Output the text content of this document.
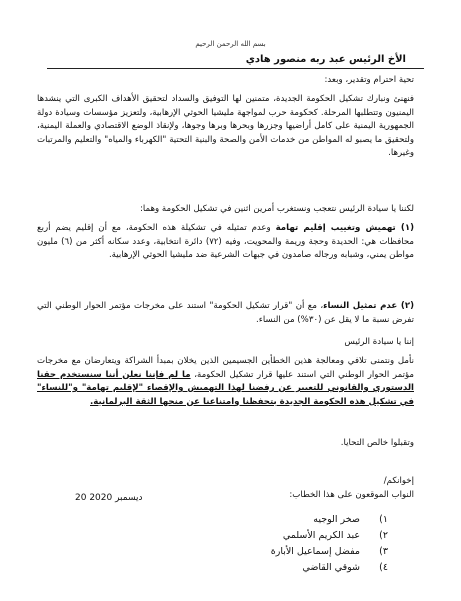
بسم الله الرحمن الرحيم
الأخ الرئيس عبد ربه منصور هادي

تحية احترام وتقدير، وبعد:

فنهنئ ونبارك تشكيل الحكومة الجديدة، متمنين لها التوفيق والسداد لتحقيق الأهداف الكبرى التي ينشدها اليمنيون وتتطلبها المرحلة. كحكومة حرب لمواجهة مليشيا الحوثي الإرهابية، ولتعزيز مؤسسات وسيادة دولة الجمهورية اليمنية على كامل أراضيها وجزرها وبحرها وبرها وجوها، ولإنقاذ الوضع الاقتصادي والعملة اليمنية، ولتحقيق ما يصبو له المواطن من خدمات الأمن والصحة والبنية التحتية "الكهرباء والمياه" والتعليم والمرتبات وغيرها.

لكننا يا سيادة الرئيس نتعجب ونستغرب أمرين اثنين في تشكيل الحكومة وهما:

(١) تهميش وتغييب إقليم تهامة وعدم تمثيله في تشكيلة هذه الحكومة، مع أن إقليم يضم أربع محافظات هي: الحديدة وحجة وريمة والمحويت، وفيه (٧٢) دائرة انتخابية، وعدد سكانه أكثر من (٦) مليون مواطن يمني، وشبابه ورجاله صامدون في جبهات الشرعية ضد مليشيا الحوثي الإرهابية.

(٢) عدم تمثيل النساء، مع أن "قرار تشكيل الحكومة" استند على مخرجات مؤتمر الحوار الوطني التي تفرض نسبة ما لا يقل عن (٣٠%) من النساء.

إننا يا سيادة الرئيس

نأمل ونتمنى تلافي ومعالجة هذين الخطأين الجسيمين الذين يخلان بمبدأ الشراكة ويتعارضان مع مخرجات مؤتمر الحوار الوطني التي استند عليها قرار تشكيل الحكومة، ما لم فإننا نعلن أننا سنستخدم حقنا الدستوري والقانوني للتعبير عن رفضنا لهذا التهميش والإقصاء "لإقليم تهامة" و"للنساء" في تشكيل هذه الحكومة الجديدة بتحفظنا وامتناعنا عن منحها الثقة البرلمانية.

وتقبلوا خالص التحايا.

إخوانكم/

النواب الموقعون على هذا الخطاب:

20 ديسمبر 2020
١)صخر الوجيه
٢)عبد الكريم الأسلمي
٣)مفضل إسماعيل الأبارة
٤)شوقي القاضي
